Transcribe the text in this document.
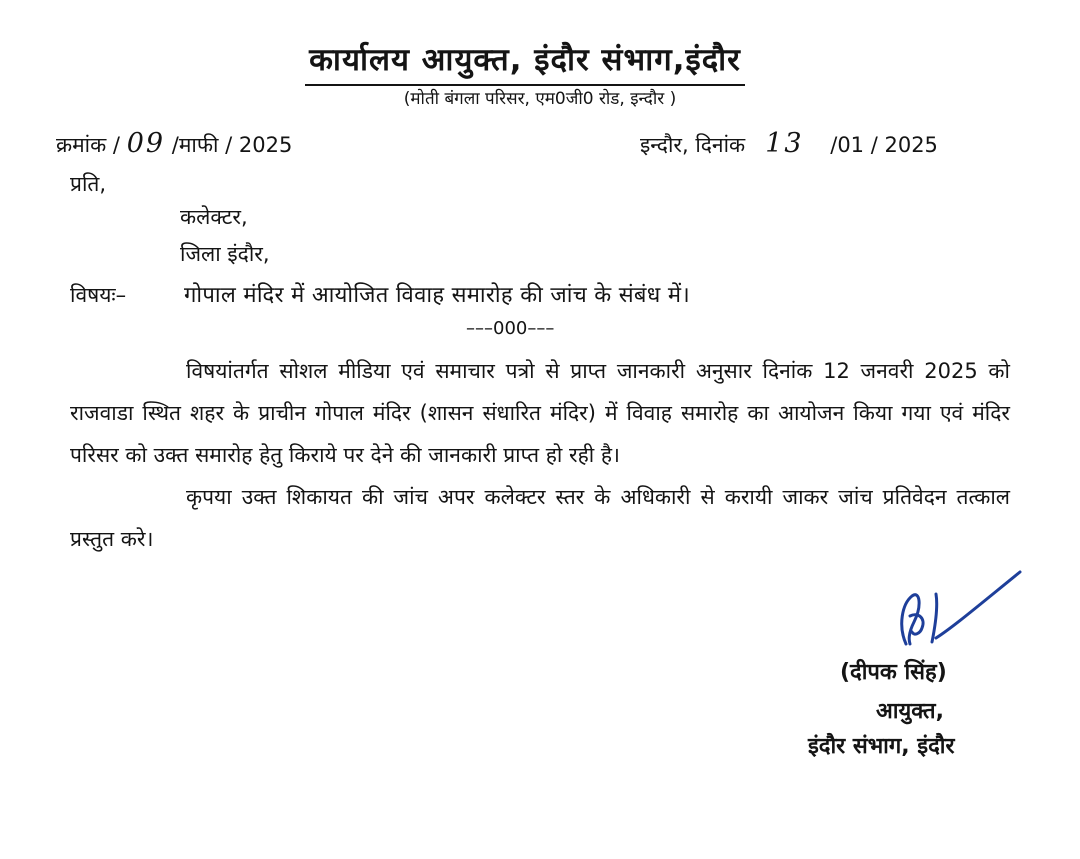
कार्यालय आयुक्त, इंदौर संभाग,इंदौर
(मोती बंगला परिसर, एम0जी0 रोड, इन्दौर )
क्रमांक / 09 /माफी / 2025	इन्दौर, दिनांक 13 /01 / 2025
प्रति,
कलेक्टर,
जिला इंदौर,
विषयः–	गोपाल मंदिर में आयोजित विवाह समारोह की जांच के संबंध में।
–––000–––

विषयांतर्गत सोशल मीडिया एवं समाचार पत्रो से प्राप्त जानकारी अनुसार दिनांक 12 जनवरी 2025 को राजवाडा स्थित शहर के प्राचीन गोपाल मंदिर (शासन संधारित मंदिर) में विवाह समारोह का आयोजन किया गया एवं मंदिर परिसर को उक्त समारोह हेतु किराये पर देने की जानकारी प्राप्त हो रही है।

कृपया उक्त शिकायत की जांच अपर कलेक्टर स्तर के अधिकारी से करायी जाकर जांच प्रतिवेदन तत्काल प्रस्तुत करे।

(दीपक सिंह)
आयुक्त,
इंदौर संभाग, इंदौर
